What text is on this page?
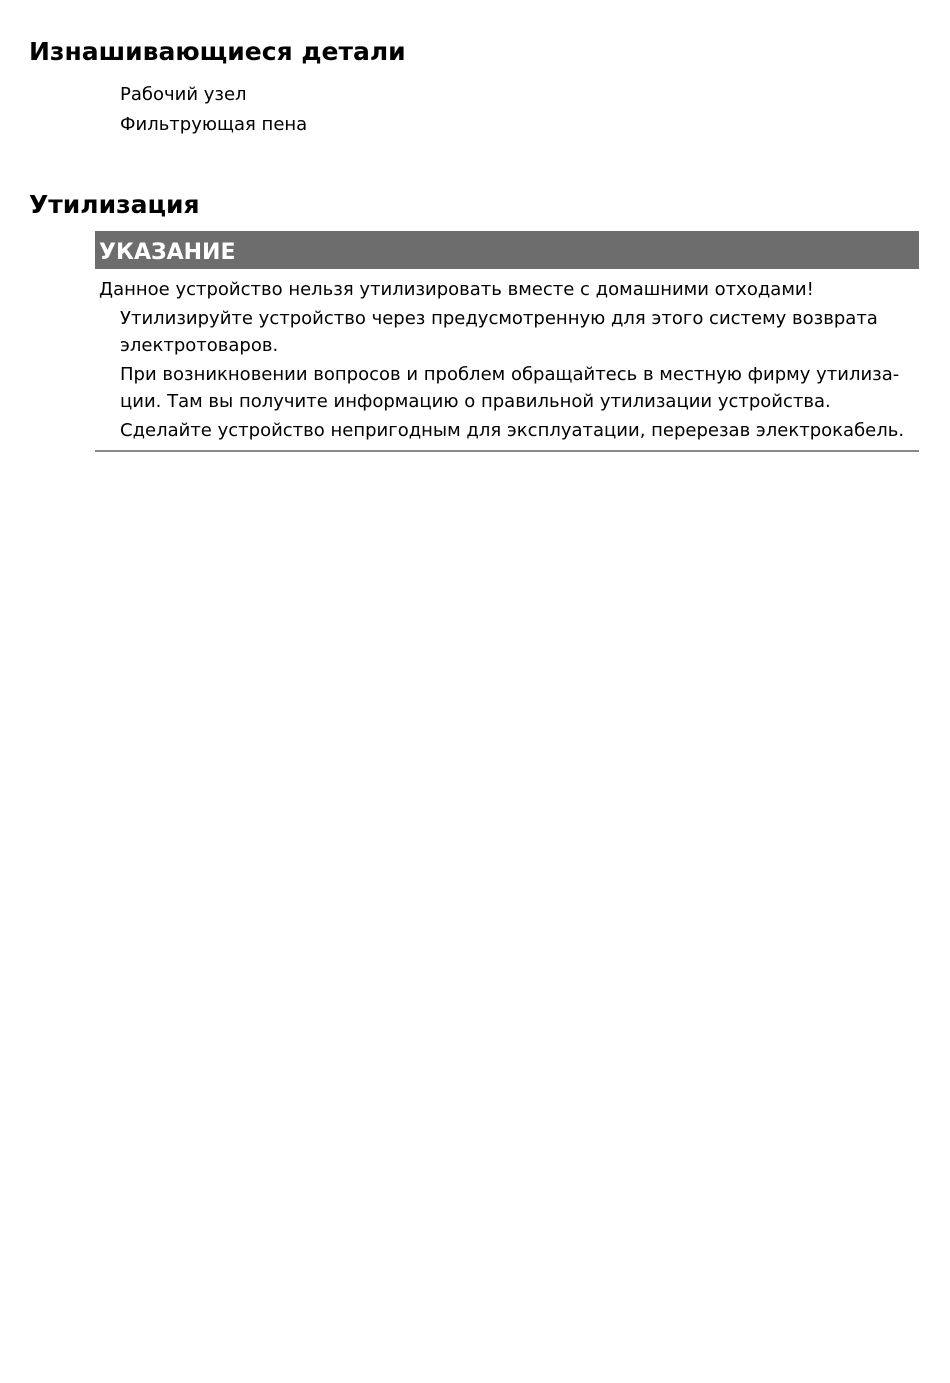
Изнашивающиеся детали
Рабочий узел
Фильтрующая пена
Утилизация
УКАЗАНИЕ

Данное устройство нельзя утилизировать вместе с домашними отходами!

Утилизируйте устройство через предусмотренную для этого систему возврата электротоваров.
При возникновении вопросов и проблем обращайтесь в местную фирму утилиза-ции. Там вы получите информацию о правильной утилизации устройства.
Сделайте устройство непригодным для эксплуатации, перерезав электрокабель.
